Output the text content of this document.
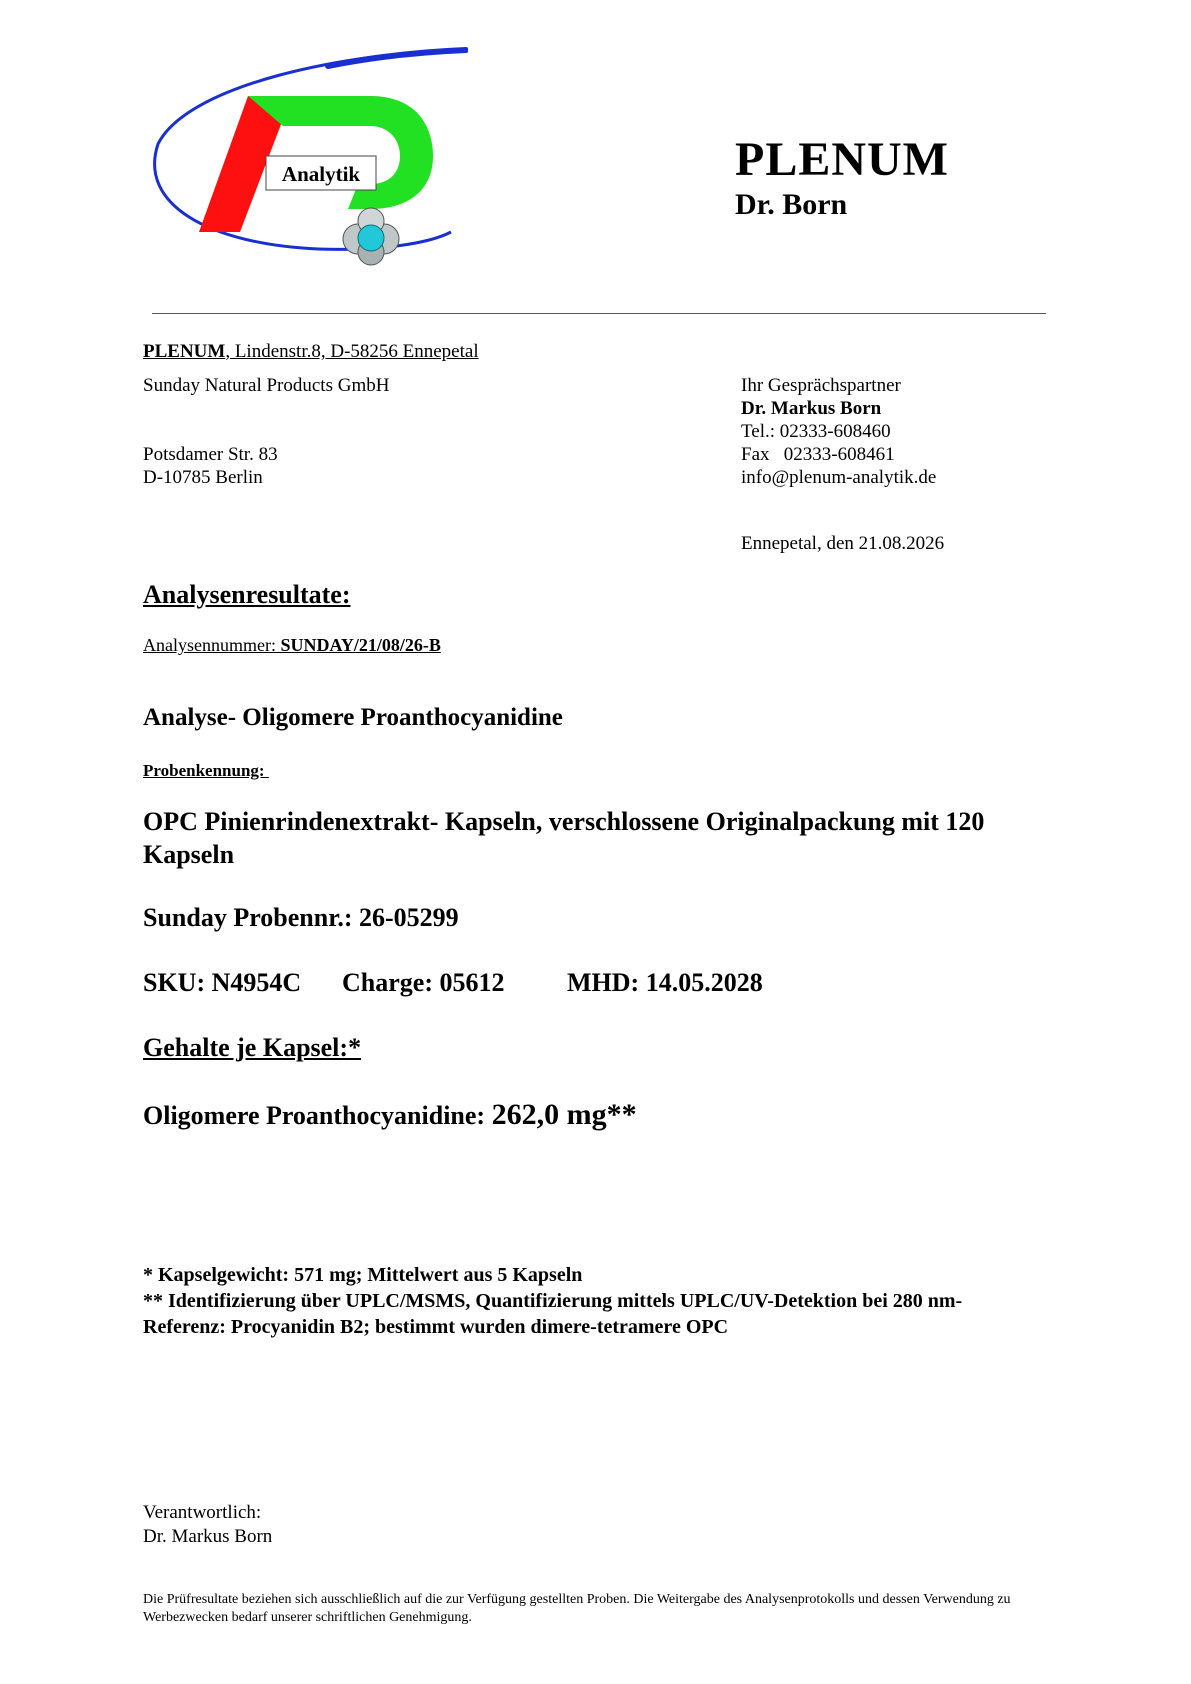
Analytik	PLENUM
Dr. Born
PLENUM, Lindenstr.8, D-58256 Ennepetal
Sunday Natural Products GmbH
Potsdamer Str. 83
D-10785 Berlin
Ihr Gesprächspartner
Dr. Markus Born
Tel.: 02333-608460
Fax   02333-608461
info@plenum-analytik.de
Ennepetal, den 21.08.2026
Analysenresultate:
Analysennummer: SUNDAY/21/08/26-B
Analyse- Oligomere Proanthocyanidine
Probenkennung:
OPC Pinienrindenextrakt- Kapseln, verschlossene Originalpackung mit 120 Kapseln
Sunday Probennr.: 26-05299
SKU: N4954C Charge: 05612 MHD: 14.05.2028
Gehalte je Kapsel:*
Oligomere Proanthocyanidine: 262,0 mg**
* Kapselgewicht: 571 mg; Mittelwert aus 5 Kapseln
** Identifizierung über UPLC/MSMS, Quantifizierung mittels UPLC/UV-Detektion bei 280 nm-
Referenz: Procyanidin B2; bestimmt wurden dimere-tetramere OPC
Verantwortlich:
Dr. Markus Born
Die Prüfresultate beziehen sich ausschließlich auf die zur Verfügung gestellten Proben. Die Weitergabe des Analysenprotokolls und dessen Verwendung zu Werbezwecken bedarf unserer schriftlichen Genehmigung.
